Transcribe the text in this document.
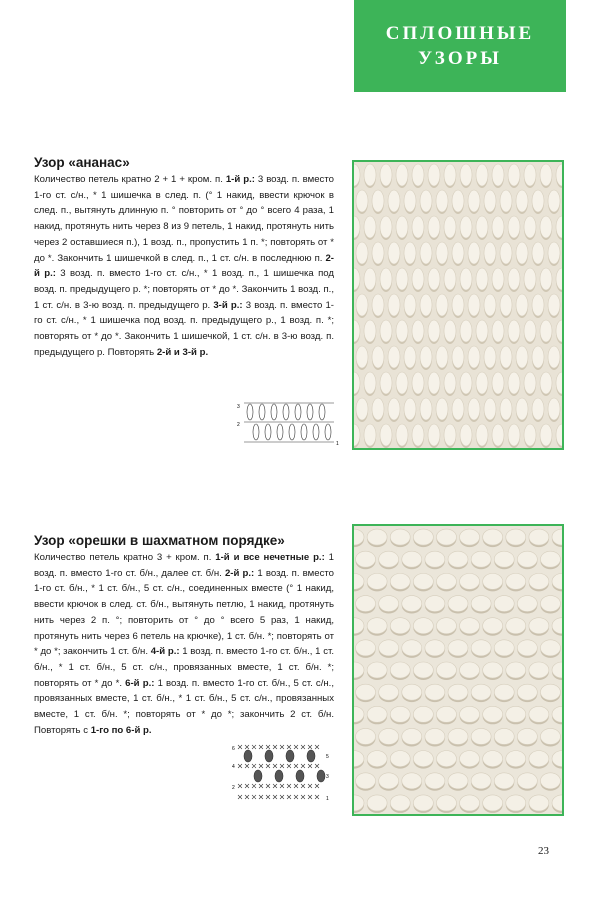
СПЛОШНЫЕ
УЗОРЫ
Узор «ананас»

Количество петель кратно 2 + 1 + кром. п. 1-й р.: 3 возд. п. вместо 1-го ст. с/н., * 1 шишечка в след. п. (° 1 накид, ввести крючок в след. п., вытянуть длинную п. ° повторить от ° до ° всего 4 раза, 1 накид, протянуть нить через 8 из 9 петель, 1 накид, протянуть нить через 2 оставшиеся п.), 1 возд. п., пропустить 1 п. *; повторять от * до *. Закончить 1 шишечкой в след. п., 1 ст. с/н. в последнюю п. 2-й р.: 3 возд. п. вместо 1-го ст. с/н., * 1 возд. п., 1 шишечка под возд. п. предыдущего р. *; повторять от * до *. Закончить 1 возд. п., 1 ст. с/н. в 3-ю возд. п. предыдущего р. 3-й р.: 3 возд. п. вместо 1-го ст. с/н., * 1 шишечка под возд. п. предыдущего р., 1 возд. п. *; повторять от * до *. Закончить 1 шишечкой, 1 ст. с/н. в 3-ю возд. п. предыдущего р. Повторять 2-й и 3-й р.

3
2
1
Узор «орешки в шахматном порядке»

Количество петель кратно 3 + кром. п. 1-й и все нечетные р.: 1 возд. п. вместо 1-го ст. б/н., далее ст. б/н. 2-й р.: 1 возд. п. вместо 1-го ст. б/н., * 1 ст. б/н., 5 ст. с/н., соединенных вместе (° 1 накид, ввести крючок в след. ст. б/н., вытянуть петлю, 1 накид, протянуть нить через 2 п. °; повторить от ° до ° всего 5 раз, 1 накид, протянуть нить через 6 петель на крючке), 1 ст. б/н. *; повторять от * до *; закончить 1 ст. б/н. 4-й р.: 1 возд. п. вместо 1-го ст. б/н., 1 ст. б/н., * 1 ст. б/н., 5 ст. с/н., провязанных вместе, 1 ст. б/н. *; повторять от * до *. 6-й р.: 1 возд. п. вместо 1-го ст. б/н., 5 ст. с/н., провязанных вместе, 1 ст. б/н., * 1 ст. б/н., 5 ст. с/н., провязанных вместе, 1 ст. б/н. *; повторять от * до *; закончить 2 ст. б/н. Повторять с 1-го по 6-й р.

6
5
4
3
2
1
23
